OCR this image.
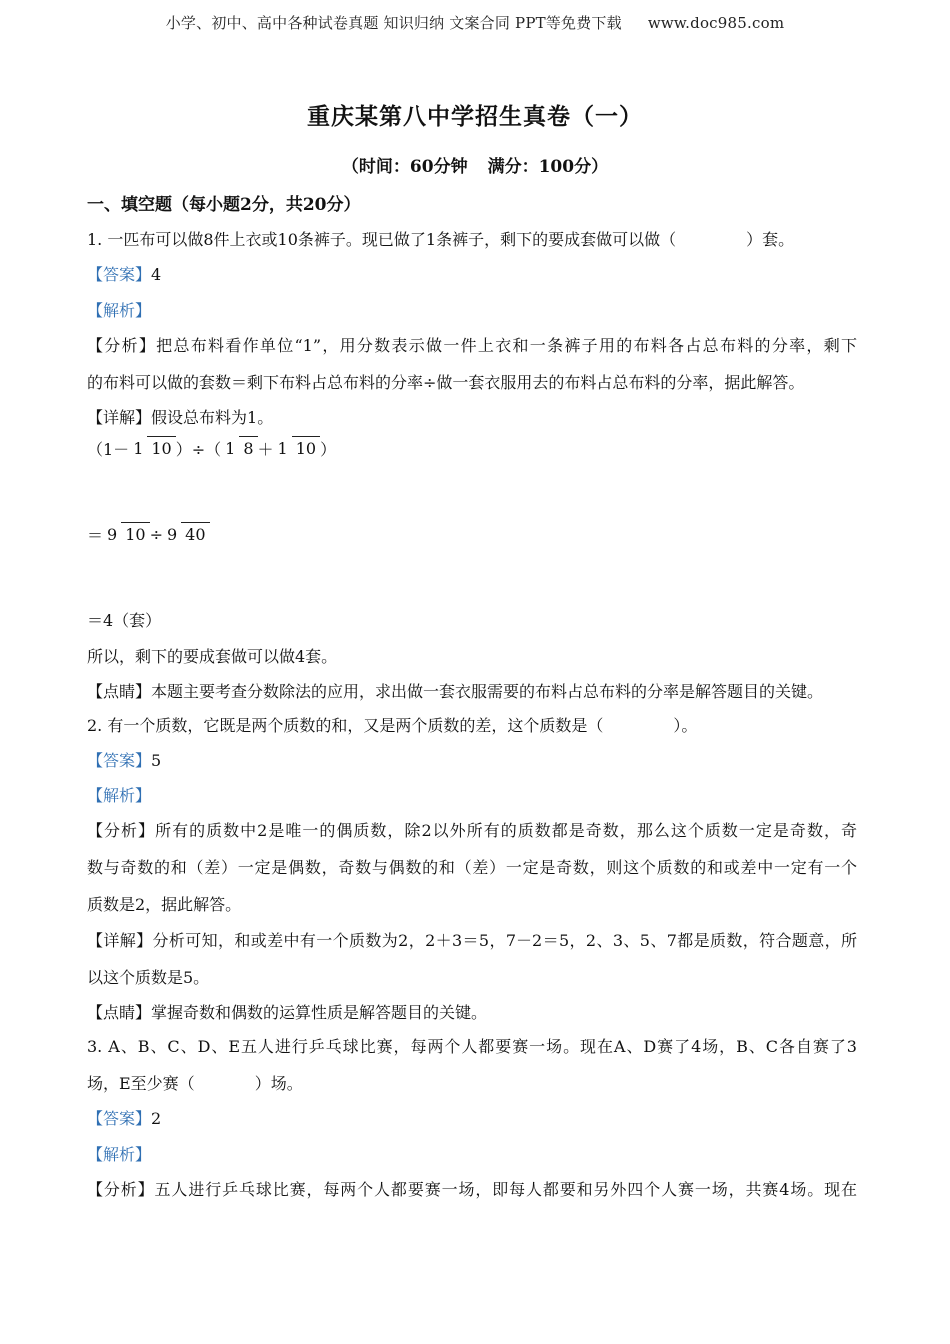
小学、初中、高中各种试卷真题 知识归纳 文案合同 PPT等免费下载 www.doc985.com
重庆某第八中学招生真卷（一）
（时间：60分钟 满分：100分）
一、填空题（每小题2分，共20分）
1. 一匹布可以做8件上衣或10条裤子。现已做了1条裤子，剩下的要成套做可以做（	）套。
【答案】4
【解析】
【分析】把总布料看作单位“1”，用分数表示做一件上衣和一条裤子用的布料各占总布料的分率，剩下
的布料可以做的套数＝剩下布料占总布料的分率÷做一套衣服用去的布料占总布料的分率，据此解答。
【详解】假设总布料为1。
（1－ 1 10 ）÷（ 1 8 ＋ 1 10 ）
＝ 9 10 ÷ 9 40
＝4（套）
所以，剩下的要成套做可以做4套。
【点睛】本题主要考查分数除法的应用，求出做一套衣服需要的布料占总布料的分率是解答题目的关键。
2. 有一个质数，它既是两个质数的和，又是两个质数的差，这个质数是（	）。
【答案】5
【解析】
【分析】所有的质数中2是唯一的偶质数，除2以外所有的质数都是奇数，那么这个质数一定是奇数，奇
数与奇数的和（差）一定是偶数，奇数与偶数的和（差）一定是奇数，则这个质数的和或差中一定有一个
质数是2，据此解答。
【详解】分析可知，和或差中有一个质数为2，2＋3＝5，7－2＝5，2、3、5、7都是质数，符合题意，所
以这个质数是5。
【点睛】掌握奇数和偶数的运算性质是解答题目的关键。
3. A、B、C、D、E五人进行乒乓球比赛，每两个人都要赛一场。现在A、D赛了4场，B、C各自赛了3
场，E至少赛（	）场。
【答案】2
【解析】
【分析】五人进行乒乓球比赛，每两个人都要赛一场，即每人都要和另外四个人赛一场，共赛4场。现在
